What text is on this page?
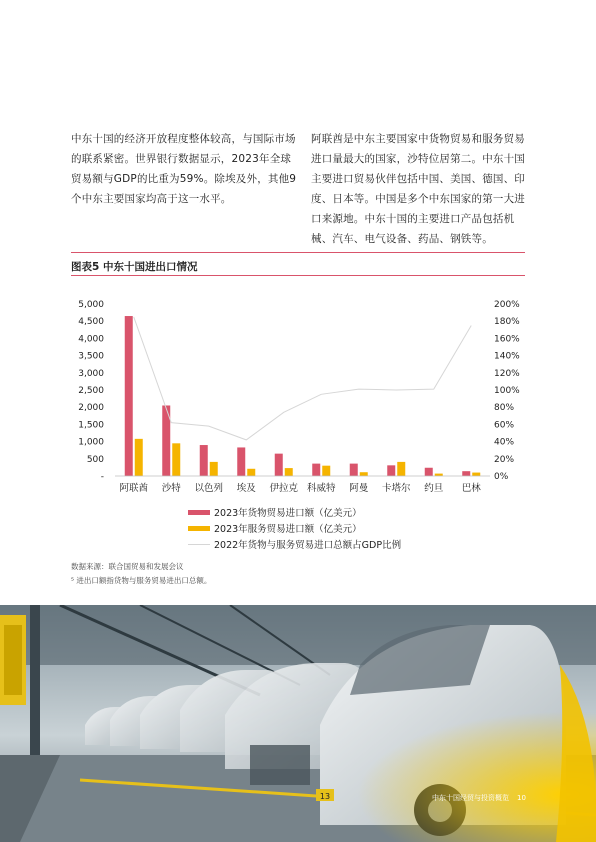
中东十国的经济开放程度整体较高，与国际市场的联系紧密。世界银行数据显示，2023年全球贸易额与GDP的比重为59%。除埃及外，其他9个中东主要国家均高于这一水平。
阿联酋是中东主要国家中货物贸易和服务贸易进口量最大的国家，沙特位居第二。中东十国主要进口贸易伙伴包括中国、美国、德国、印度、日本等。中国是多个中东国家的第一大进口来源地。中东十国的主要进口产品包括机械、汽车、电气设备、药品、钢铁等。
图表5 中东十国进出口情况
-
500
1,000
1,500
2,000
2,500
3,000
3,500
4,000
4,500
5,000
0%
20%
40%
60%
80%
100%
120%
140%
160%
180%
200%
阿联酋 沙特 以色列 埃及 伊拉克 科威特 阿曼 卡塔尔 约旦 巴林
2023年货物贸易进口额（亿美元）
2023年服务贸易进口额（亿美元）
2022年货物与服务贸易进口总额占GDP比例
数据来源：联合国贸易和发展会议
⁵ 进出口额指货物与服务贸易进出口总额。
中东十国经贸与投资概览 10
